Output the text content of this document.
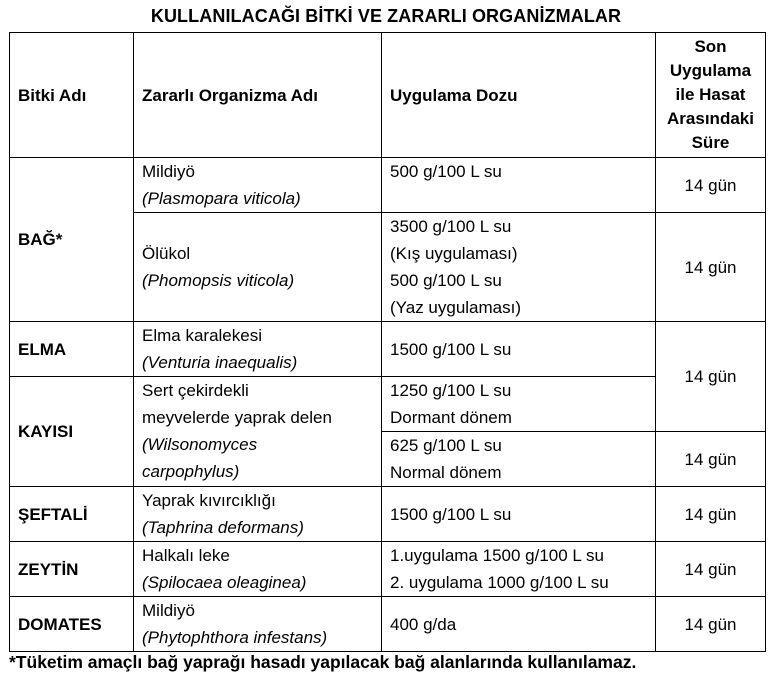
KULLANILACAĞI BİTKİ VE ZARARLI ORGANİZMALAR
Bitki Adı	Zararlı Organizma Adı	Uygulama Dozu	Son
Uygulama
ile Hasat
Arasındaki
Süre

BAĞ*	Mildiyö
(Plasmopara viticola)	500 g/100 L su	14 gün

	Ölükol
(Phomopsis viticola)	3500 g/100 L su
(Kış uygulaması)
500 g/100 L su
(Yaz uygulaması)	14 gün
ELMA	Elma karalekesi
(Venturia inaequalis)	1500 g/100 L su	14 gün
KAYISI	Sert çekirdekli
meyvelerde yaprak delen
(Wilsonomyces
carpophylus)	1250 g/100 L su
Dormant dönem	

		625 g/100 L su
Normal dönem	14 gün
ŞEFTALİ	Yaprak kıvırcıklığı
(Taphrina deformans)	1500 g/100 L su	14 gün
ZEYTİN	Halkalı leke
(Spilocaea oleaginea)	1.uygulama 1500 g/100 L su
2. uygulama 1000 g/100 L su	14 gün
DOMATES	Mildiyö
(Phytophthora infestans)	400 g/da	14 gün
*Tüketim amaçlı bağ yaprağı hasadı yapılacak bağ alanlarında kullanılamaz.
